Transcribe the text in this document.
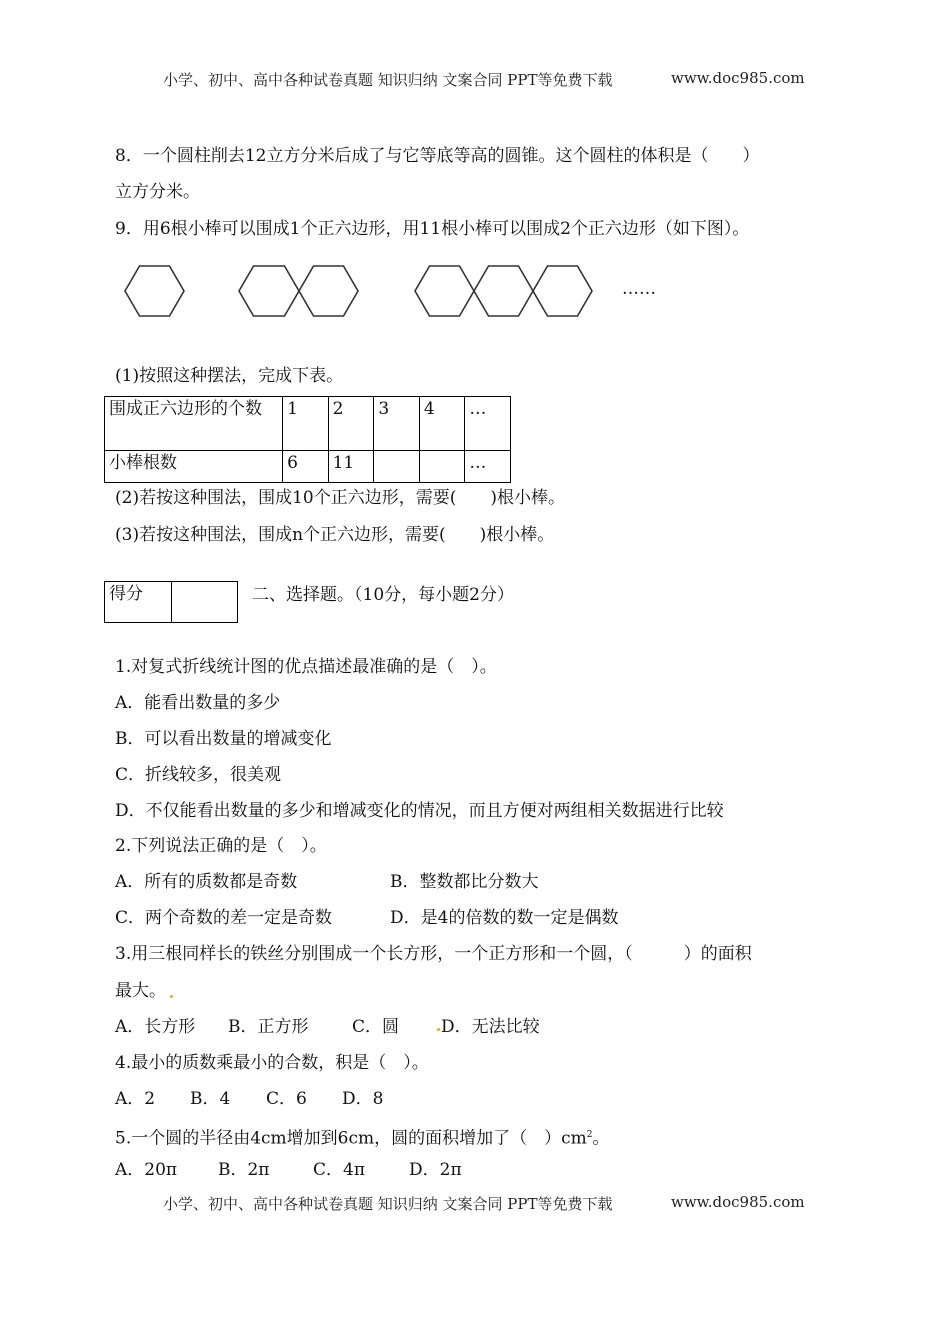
小学、初中、高中各种试卷真题 知识归纳 文案合同 PPT等免费下载	www.doc985.com
8．一个圆柱削去12立方分米后成了与它等底等高的圆锥。这个圆柱的体积是（　　）
立方分米。
9．用6根小棒可以围成1个正六边形，用11根小棒可以围成2个正六边形（如下图）。
……
(1)按照这种摆法，完成下表。
围成正六边形的个数	1	2	3	4	…
小棒根数	6	11			…
(2)若按这种围法，围成10个正六边形，需要(　　)根小棒。
(3)若按这种围法，围成n个正六边形，需要(　　)根小棒。
得分		二、选择题。（10分，每小题2分）
1.对复式折线统计图的优点描述最准确的是（　）。
A．能看出数量的多少
B．可以看出数量的增减变化
C．折线较多，很美观
D．不仅能看出数量的多少和增减变化的情况，而且方便对两组相关数据进行比较
2.下列说法正确的是（　）。
A．所有的质数都是奇数	B．整数都比分数大
C．两个奇数的差一定是奇数	D．是4的倍数的数一定是偶数
3.用三根同样长的铁丝分别围成一个长方形，一个正方形和一个圆，（　　　）的面积
最大。
A．长方形 B．正方形	C．圆 D．无法比较
4.最小的质数乘最小的合数，积是（　）。
A．2 B．4 C．6 D．8
5.一个圆的半径由4cm增加到6cm，圆的面积增加了（　）$cm^2$。
A．20π B．2π	C．4π	D．2π
小学、初中、高中各种试卷真题 知识归纳 文案合同 PPT等免费下载	www.doc985.com
